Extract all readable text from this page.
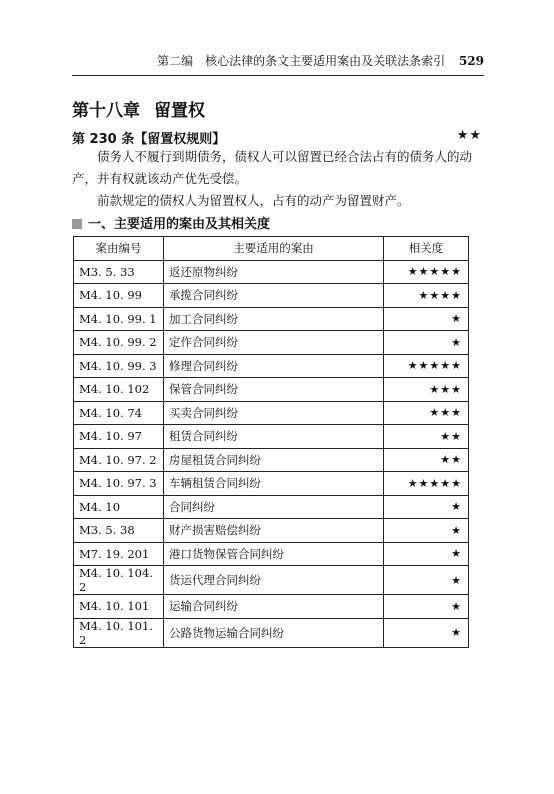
第二编　核心法律的条文主要适用案由及关联法条索引 529
第十八章 留置权
第 230 条【留置权规则】	★★
债务人不履行到期债务，债权人可以留置已经合法占有的债务人的动产，并有权就该动产优先受偿。
前款规定的债权人为留置权人，占有的动产为留置财产。
一、主要适用的案由及其相关度
案由编号	主要适用的案由	相关度
M3. 5. 33	返还原物纠纷	★★★★★
M4. 10. 99	承揽合同纠纷	★★★★
M4. 10. 99. 1	加工合同纠纷	★
M4. 10. 99. 2	定作合同纠纷	★
M4. 10. 99. 3	修理合同纠纷	★★★★★
M4. 10. 102	保管合同纠纷	★★★
M4. 10. 74	买卖合同纠纷	★★★
M4. 10. 97	租赁合同纠纷	★★
M4. 10. 97. 2	房屋租赁合同纠纷	★★
M4. 10. 97. 3	车辆租赁合同纠纷	★★★★★
M4. 10	合同纠纷	★
M3. 5. 38	财产损害赔偿纠纷	★
M7. 19. 201	港口货物保管合同纠纷	★
M4. 10. 104. 2	货运代理合同纠纷	★
M4. 10. 101	运输合同纠纷	★
M4. 10. 101. 2	公路货物运输合同纠纷	★
